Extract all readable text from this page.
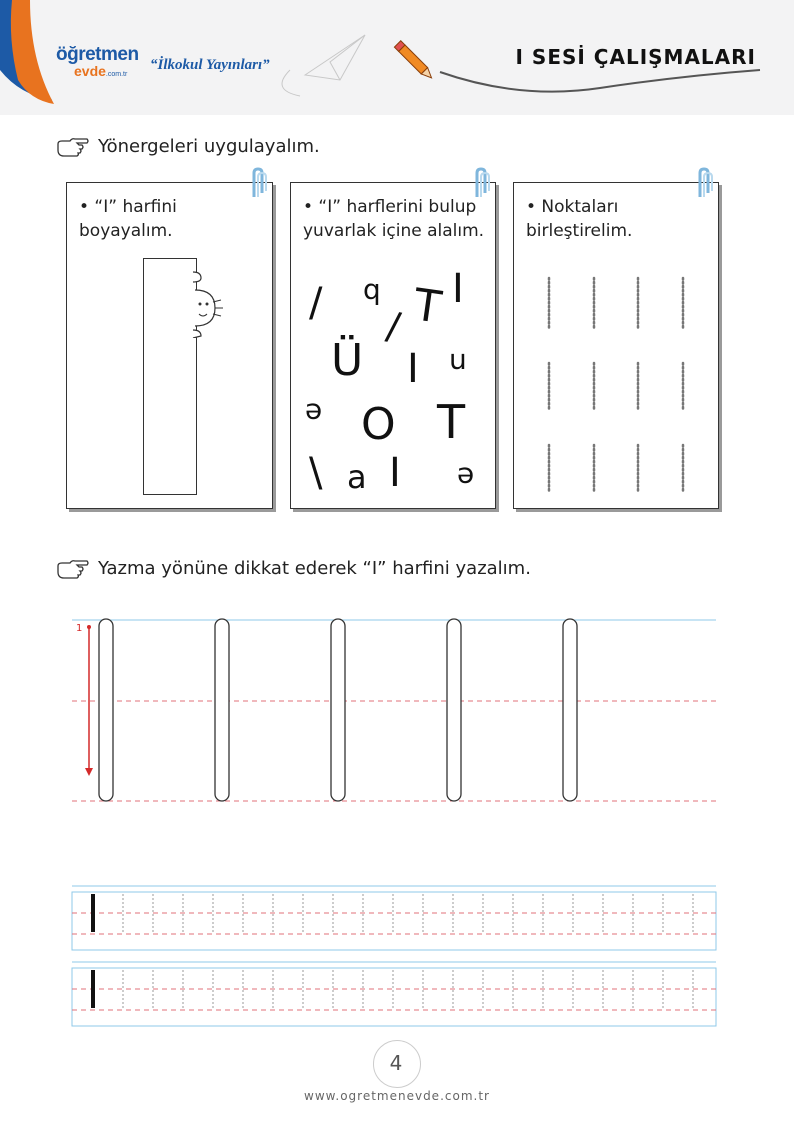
öğretmen
evde.com.tr
“İlkokul Yayınları”	I SESİ ÇALIŞMALARI
Yönergeleri uygulayalım.
• “I” harfini boyayalım.
• “I” harflerini bulup yuvarlak içine alalım.
/ b
/ T I
Ü I n
e O T
\ a I e
• Noktaları birleştirelim.
Yazma yönüne dikkat ederek “I” harfini yazalım.
1
4
www.ogretmenevde.com.tr
